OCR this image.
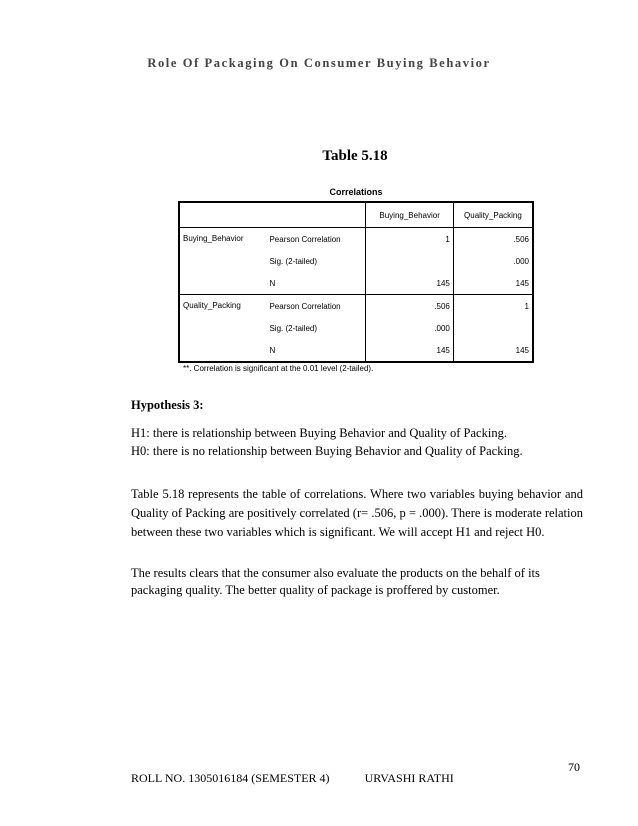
Role Of Packaging On Consumer Buying Behavior
Table 5.18
Correlations
		Buying_Behavior	Quality_Packing
Buying_Behavior	Pearson Correlation	1	.506
	Sig. (2-tailed)		.000
	N	145	145
Quality_Packing	Pearson Correlation	.506	1
	Sig. (2-tailed)	.000	
	N	145	145
**. Correlation is significant at the 0.01 level (2-tailed).
Hypothesis 3:
H1: there is relationship between Buying Behavior and Quality of Packing.
H0: there is no relationship between Buying Behavior and Quality of Packing.
Table 5.18 represents the table of correlations. Where two variables buying behavior and Quality of Packing are positively correlated (r= .506, p = .000). There is moderate relation between these two variables which is significant. We will accept H1 and reject H0.
The results clears that the consumer also evaluate the products on the behalf of its packaging quality. The better quality of package is proffered by customer.
70
ROLL NO. 1305016184 (SEMESTER 4)	URVASHI RATHI
